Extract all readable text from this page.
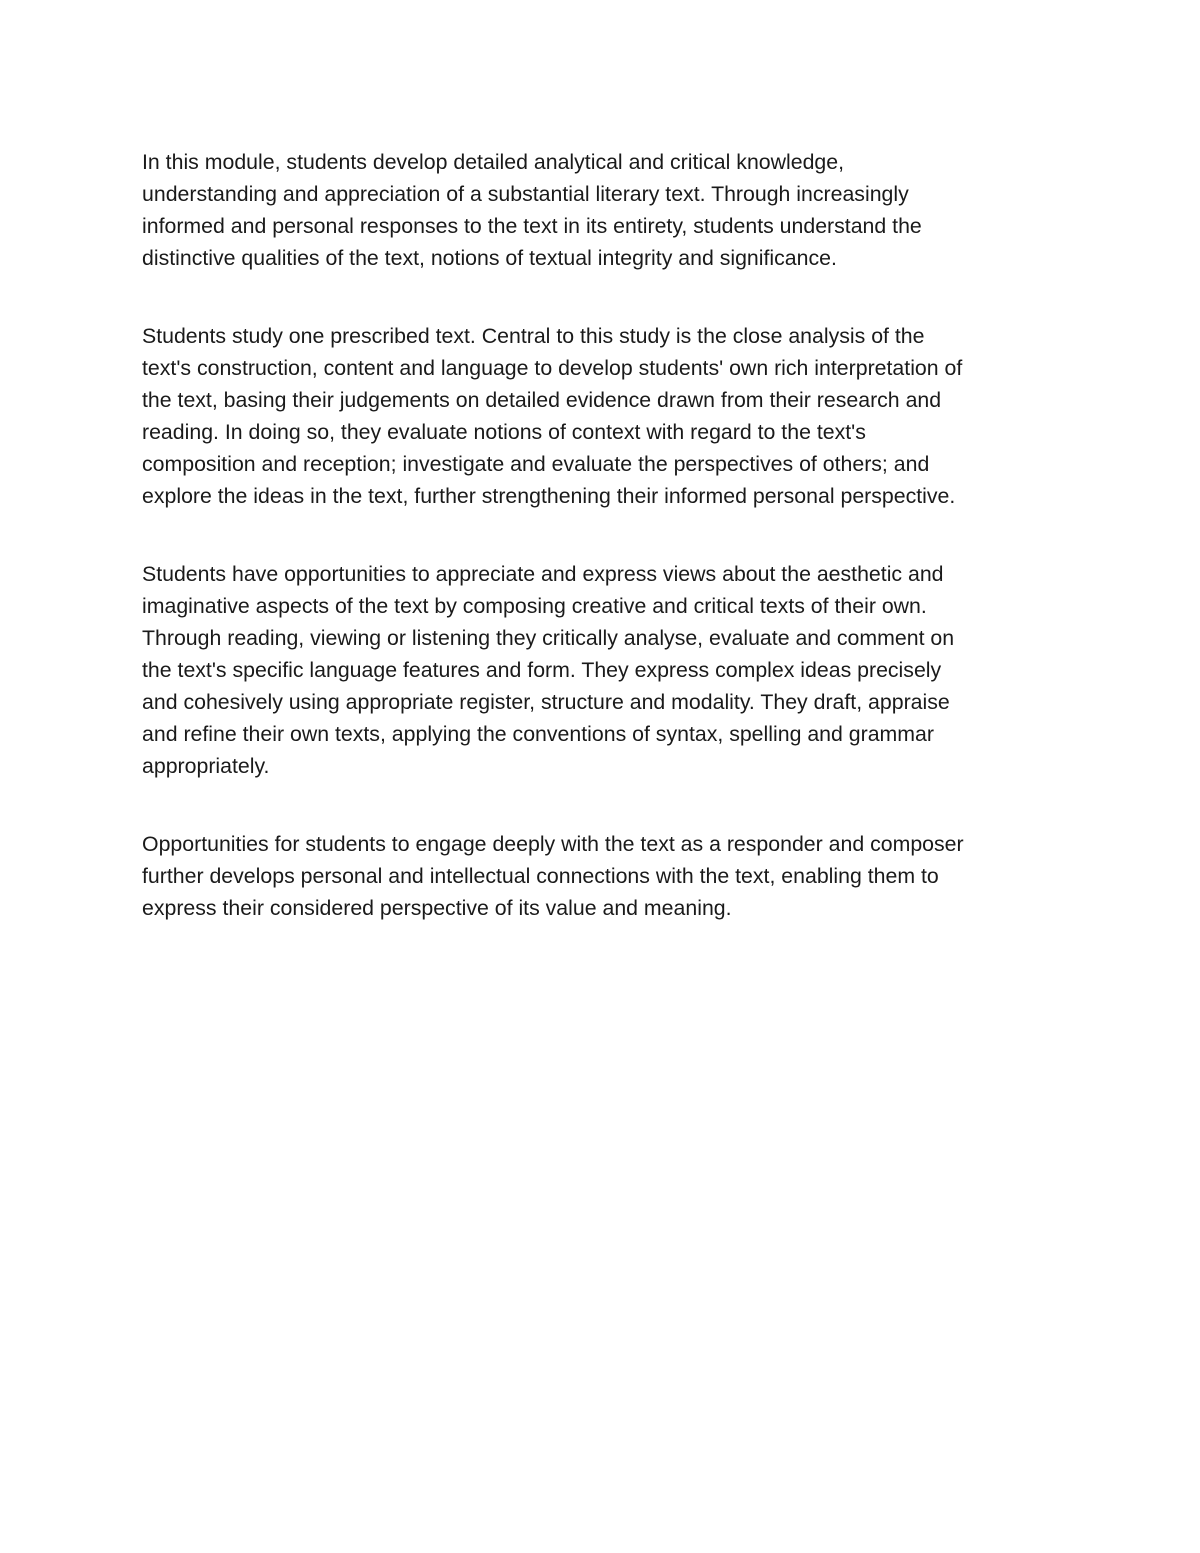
In this module, students develop detailed analytical and critical knowledge,
understanding and appreciation of a substantial literary text. Through increasingly
informed and personal responses to the text in its entirety, students understand the
distinctive qualities of the text, notions of textual integrity and significance.

Students study one prescribed text. Central to this study is the close analysis of the
text's construction, content and language to develop students' own rich interpretation of
the text, basing their judgements on detailed evidence drawn from their research and
reading. In doing so, they evaluate notions of context with regard to the text's
composition and reception; investigate and evaluate the perspectives of others; and
explore the ideas in the text, further strengthening their informed personal perspective.

Students have opportunities to appreciate and express views about the aesthetic and
imaginative aspects of the text by composing creative and critical texts of their own.
Through reading, viewing or listening they critically analyse, evaluate and comment on
the text's specific language features and form. They express complex ideas precisely
and cohesively using appropriate register, structure and modality. They draft, appraise
and refine their own texts, applying the conventions of syntax, spelling and grammar
appropriately.

Opportunities for students to engage deeply with the text as a responder and composer
further develops personal and intellectual connections with the text, enabling them to
express their considered perspective of its value and meaning.
